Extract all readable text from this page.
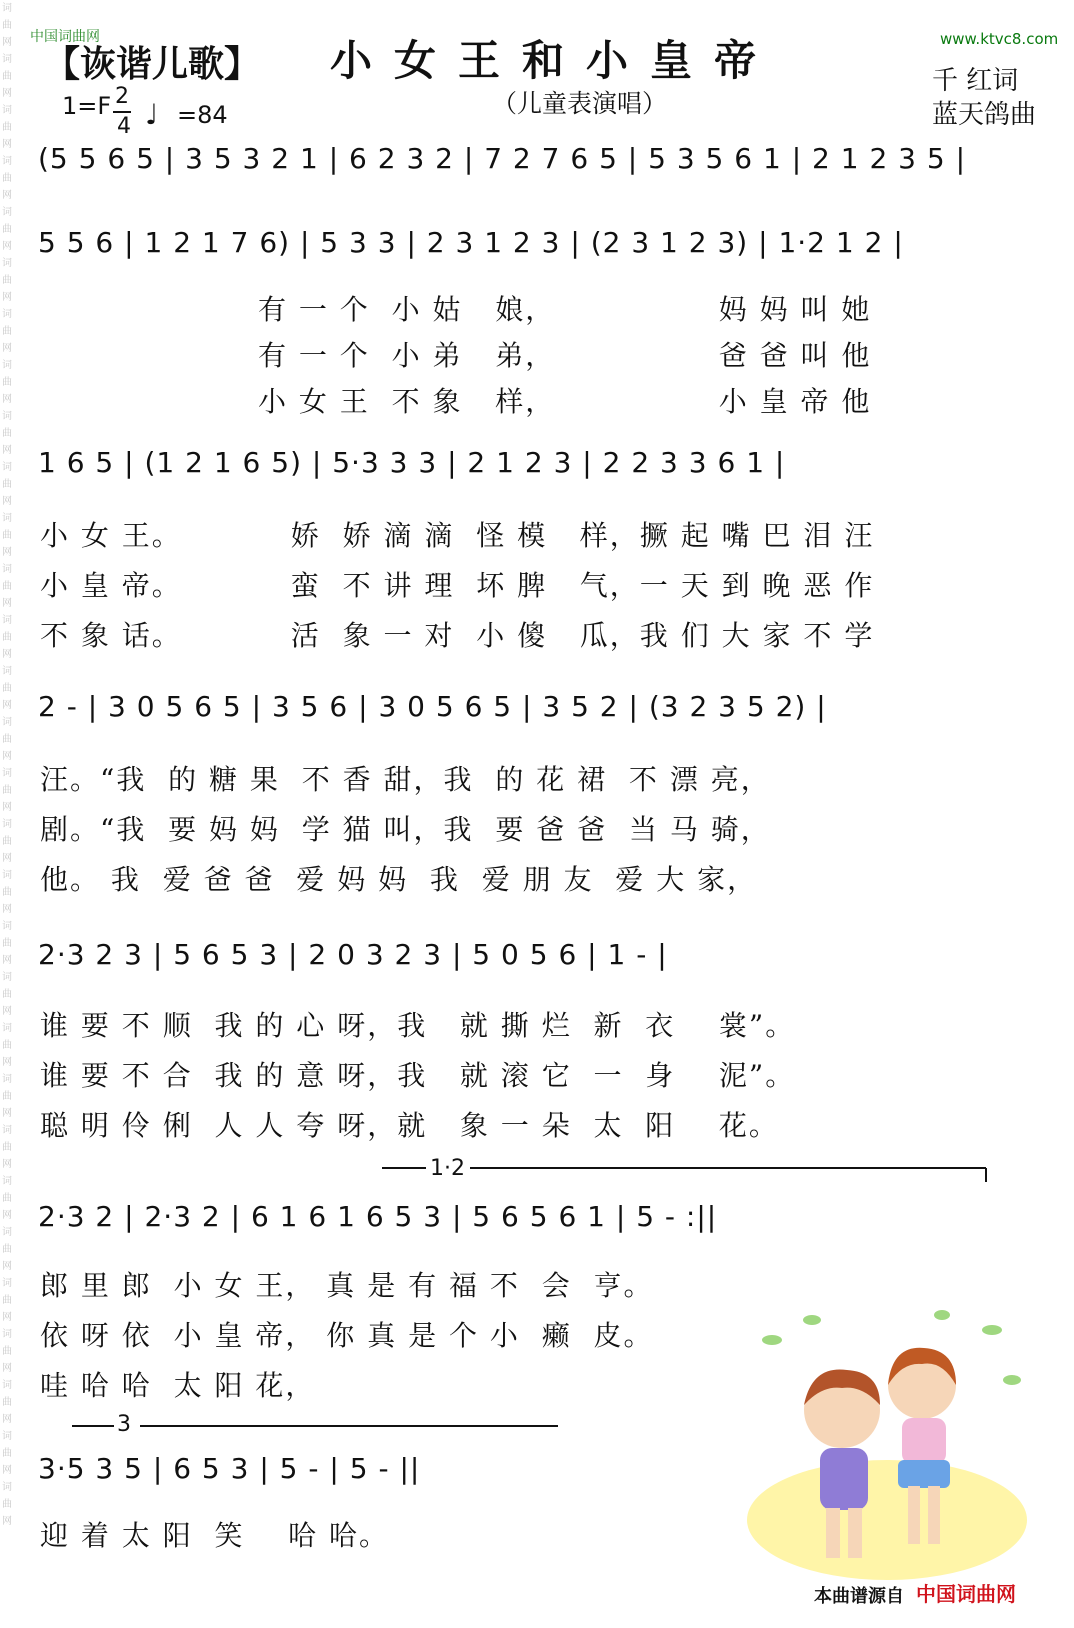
词曲网词曲网词曲网词曲网词曲网词曲网词曲网词曲网词曲网词曲网词曲网词曲网词曲网词曲网词曲网词曲网词曲网词曲网词曲网词曲网词曲网词曲网词曲网词曲网词曲网词曲网词曲网词曲网词曲网词曲网
中国词曲网	www.ktvc8.com
【诙谐儿歌】 小女王和小皇帝
（儿童表演唱）
千 红词
蓝天鸽曲
1=F 2
4 ♩ =84
(5 5 6 5 | 3 5 3 2 1 | 6 2 3 2 | 7 2 7 6 5 | 5 3 5 6 1 | 2 1 2 3 5 |
5 5 6 | 1 2 1 7 6) | 5 3 3 | 2 3 1 2 3 | (2 3 1 2 3) | 1·2 1 2 |
有 一 个  小 姑   娘，               妈 妈 叫 她
有 一 个  小 弟   弟，               爸 爸 叫 他
小 女 王  不 象   样，               小 皇 帝 他
1 6 5 | (1 2 1 6 5) | 5·3 3 3 | 2 1 2 3 | 2 2 3 3 6 1 |
小 女 王。          娇  娇 滴 滴  怪 模   样，撅 起 嘴 巴 泪 汪
小 皇 帝。          蛮  不 讲 理  坏 脾   气，一 天 到 晚 恶 作
不 象 话。          活  象 一 对  小 傻   瓜，我 们 大 家 不 学
2 - | 3 0 5 6 5 | 3 5 6 | 3 0 5 6 5 | 3 5 2 | (3 2 3 5 2) |
汪。“我  的 糖 果  不 香 甜，我  的 花 裙  不 漂 亮，
剧。“我  要 妈 妈  学 猫 叫，我  要 爸 爸  当 马 骑，
他。 我  爱 爸 爸  爱 妈 妈  我  爱 朋 友  爱 大 家，
2·3 2 3 | 5 6 5 3 | 2 0 3 2 3 | 5 0 5 6 | 1 - |
谁 要 不 顺  我 的 心 呀，我   就 撕 烂  新  衣    裳”。
谁 要 不 合  我 的 意 呀，我   就 滚 它  一  身    泥”。
聪 明 伶 俐  人 人 夸 呀，就   象 一 朵  太  阳    花。
1·2
2·3 2 | 2·3 2 | 6 1 6 1 6 5 3 | 5 6 5 6 1 | 5 - :||
郎 里 郎  小 女 王， 真 是 有 福 不  会  亨。
依 呀 依  小 皇 帝， 你 真 是 个 小  癞  皮。
哇 哈 哈  太 阳 花，
3
3·5 3 5 | 6 5 3 | 5 - | 5 - ||
迎 着 太 阳  笑    哈 哈。
本曲谱源自 中国词曲网
